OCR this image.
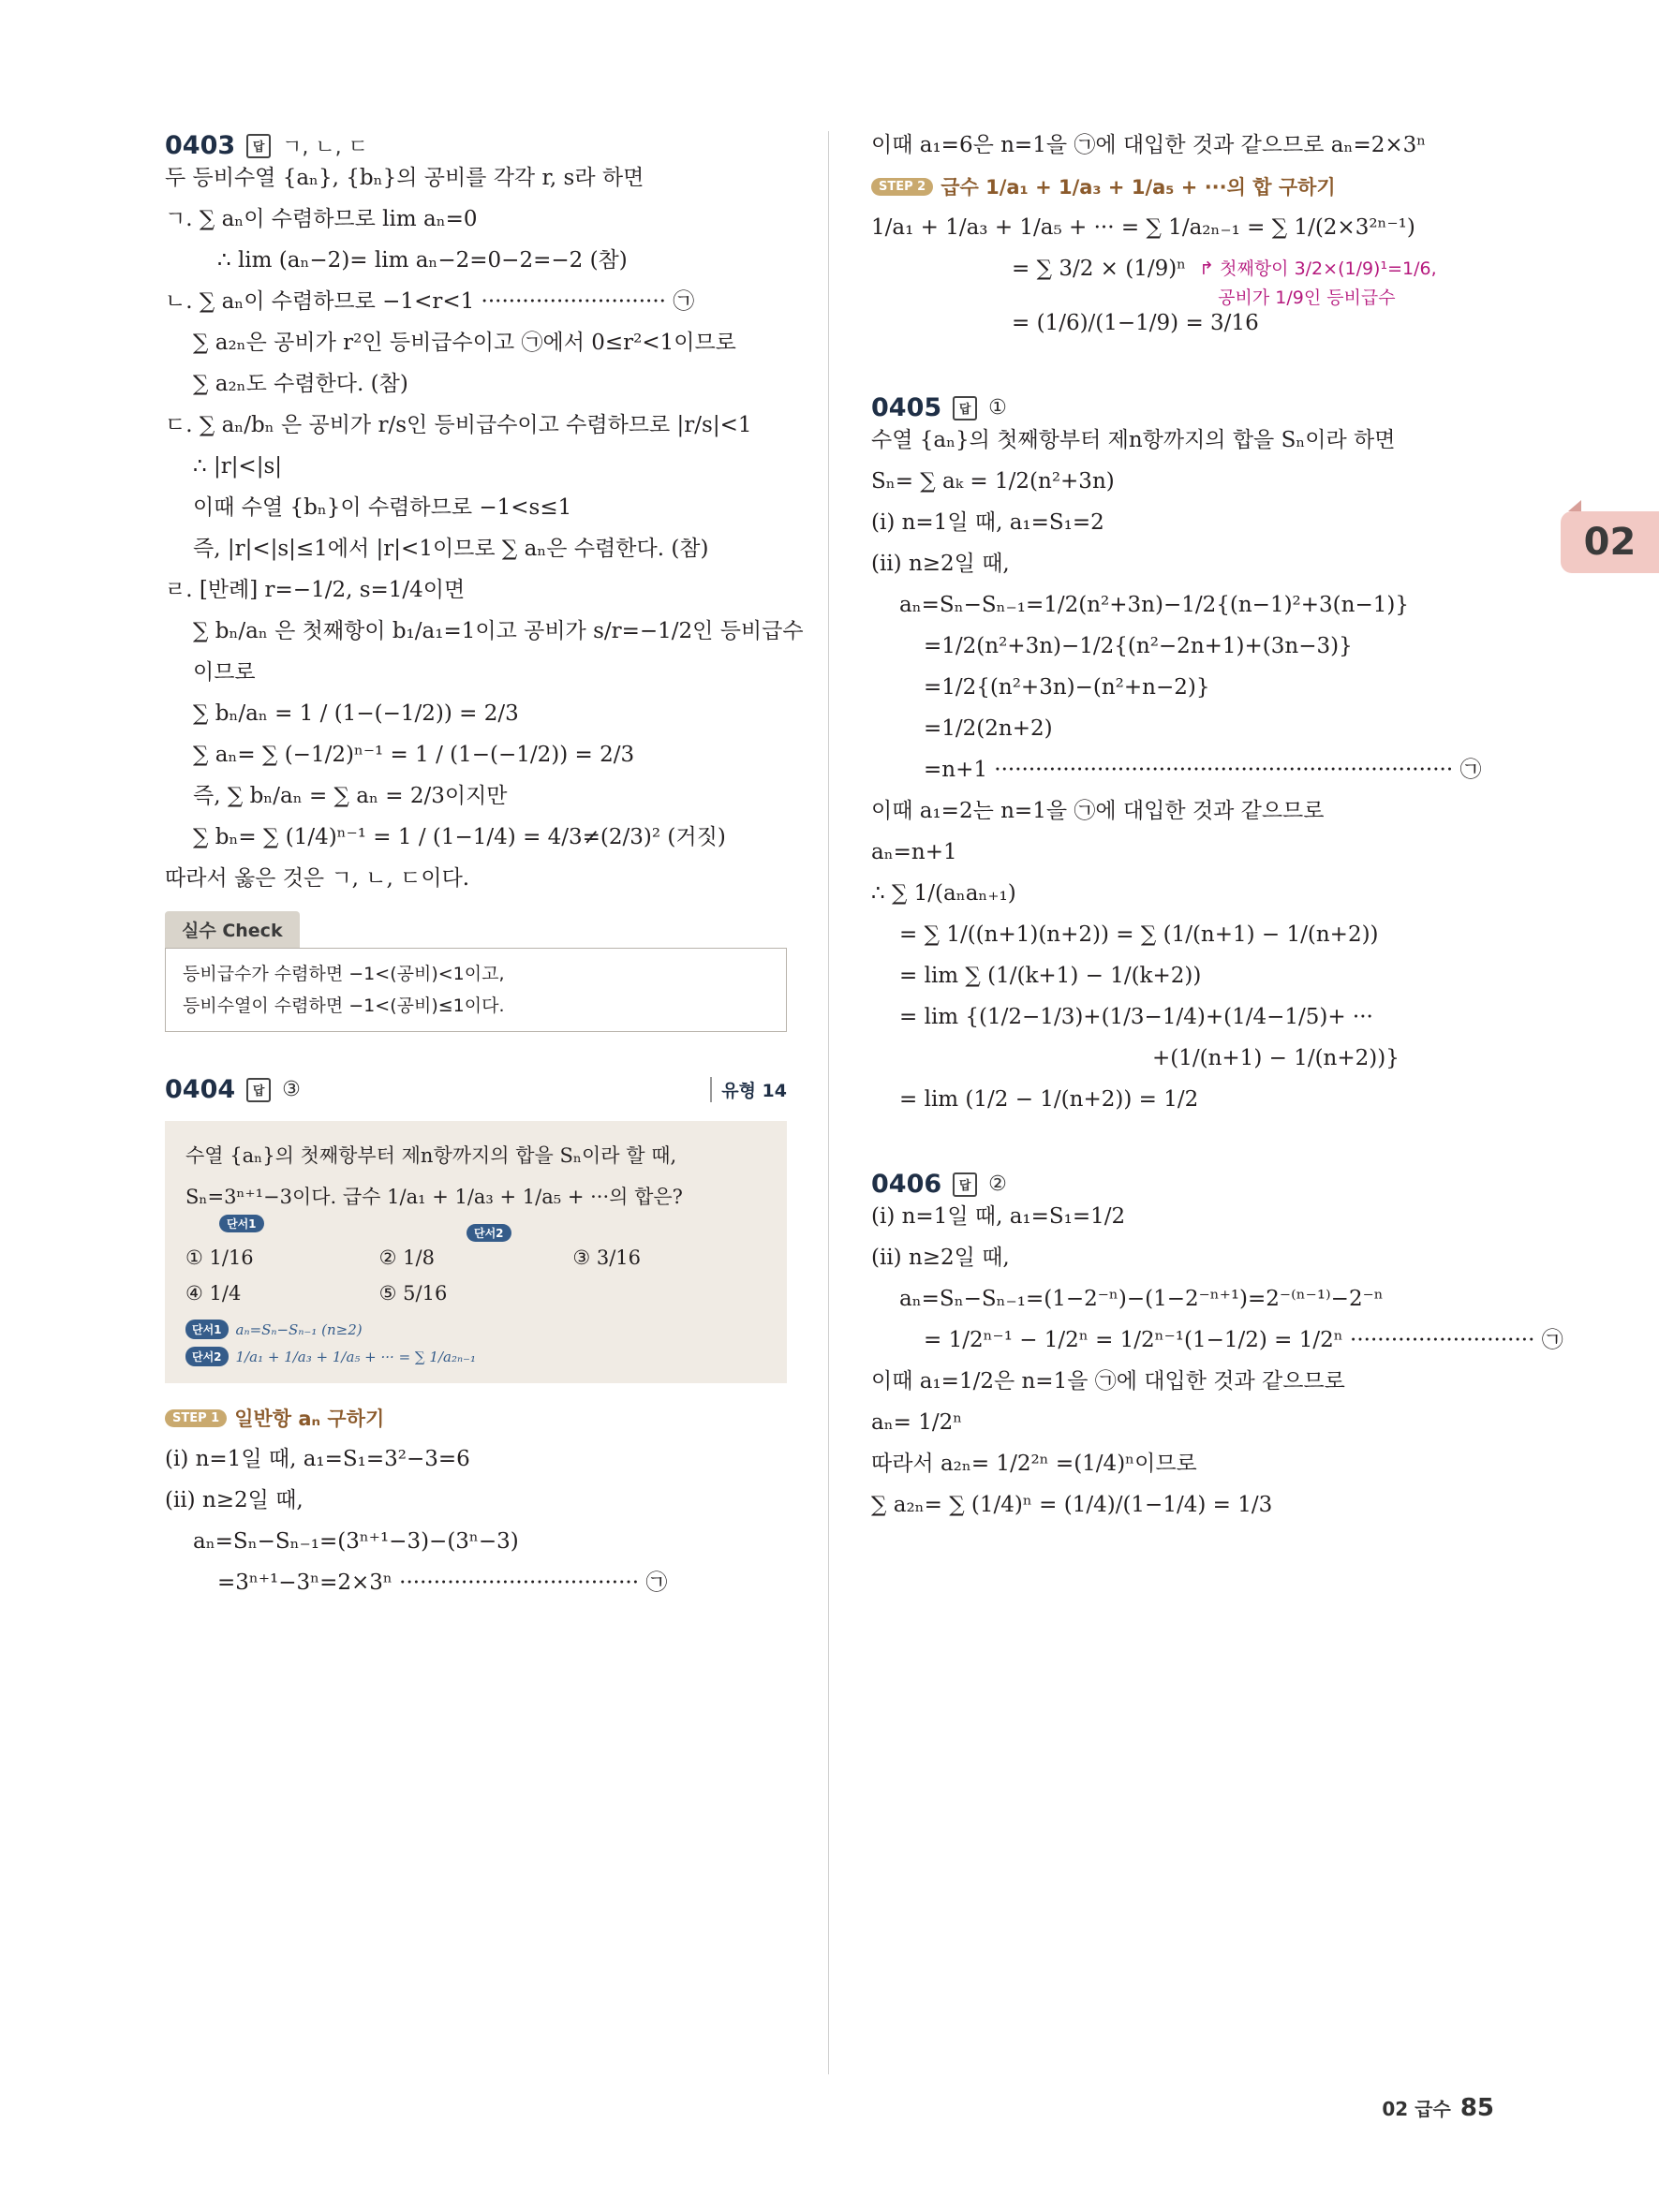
0403	답 ㄱ, ㄴ, ㄷ
두 등비수열 {aₙ}, {bₙ}의 공비를 각각 r, s라 하면
ㄱ. ∑ aₙ이 수렴하므로 lim aₙ=0
∴ lim (aₙ−2)= lim aₙ−2=0−2=−2 (참)
ㄴ. ∑ aₙ이 수렴하므로 −1<r<1 ··························· ㉠
∑ a₂ₙ은 공비가 r²인 등비급수이고 ㉠에서 0≤r²<1이므로
∑ a₂ₙ도 수렴한다. (참)
ㄷ. ∑ aₙ/bₙ 은 공비가 r/s인 등비급수이고 수렴하므로 |r/s|<1
∴ |r|<|s|
이때 수열 {bₙ}이 수렴하므로 −1<s≤1
즉, |r|<|s|≤1에서 |r|<1이므로 ∑ aₙ은 수렴한다. (참)
ㄹ. [반례] r=−1/2, s=1/4이면
∑ bₙ/aₙ 은 첫째항이 b₁/a₁=1이고 공비가 s/r=−1/2인 등비급수
이므로
∑ bₙ/aₙ = 1 / (1−(−1/2)) = 2/3
∑ aₙ= ∑ (−1/2)ⁿ⁻¹ = 1 / (1−(−1/2)) = 2/3
즉, ∑ bₙ/aₙ = ∑ aₙ = 2/3이지만
∑ bₙ= ∑ (1/4)ⁿ⁻¹ = 1 / (1−1/4) = 4/3≠(2/3)² (거짓)
따라서 옳은 것은 ㄱ, ㄴ, ㄷ이다.
실수 Check
등비급수가 수렴하면 −1<(공비)<1이고,
등비수열이 수렴하면 −1<(공비)≤1이다.
0404	답 ③	유형 14
수열 {aₙ}의 첫째항부터 제n항까지의 합을 Sₙ이라 할 때,
Sₙ=3ⁿ⁺¹−3이다. 급수 1/a₁ + 1/a₃ + 1/a₅ + ···의 합은?
단서1
단서2
① 1/16	② 1/8	③ 3/16
④ 1/4	⑤ 5/16
단서1	aₙ=Sₙ−Sₙ₋₁ (n≥2)
단서2	1/a₁ + 1/a₃ + 1/a₅ + ··· = ∑ 1/a₂ₙ₋₁
STEP 1 일반항 aₙ 구하기
(ⅰ) n=1일 때, a₁=S₁=3²−3=6
(ⅱ) n≥2일 때,
aₙ=Sₙ−Sₙ₋₁=(3ⁿ⁺¹−3)−(3ⁿ−3)
=3ⁿ⁺¹−3ⁿ=2×3ⁿ ··································· ㉠
이때 a₁=6은 n=1을 ㉠에 대입한 것과 같으므로 aₙ=2×3ⁿ
STEP 2 급수 1/a₁ + 1/a₃ + 1/a₅ + ···의 합 구하기
1/a₁ + 1/a₃ + 1/a₅ + ··· = ∑ 1/a₂ₙ₋₁ = ∑ 1/(2×3²ⁿ⁻¹)
= ∑ 3/2 × (1/9)ⁿ ↱ 첫째항이 3/2×(1/9)¹=1/6,
공비가 1/9인 등비급수
= (1/6)/(1−1/9) = 3/16
0405	답 ①
수열 {aₙ}의 첫째항부터 제n항까지의 합을 Sₙ이라 하면
Sₙ= ∑ aₖ = 1/2(n²+3n)
(ⅰ) n=1일 때, a₁=S₁=2
(ⅱ) n≥2일 때,
aₙ=Sₙ−Sₙ₋₁=1/2(n²+3n)−1/2{(n−1)²+3(n−1)}
=1/2(n²+3n)−1/2{(n²−2n+1)+(3n−3)}
=1/2{(n²+3n)−(n²+n−2)}
=1/2(2n+2)
=n+1 ··································································· ㉠
이때 a₁=2는 n=1을 ㉠에 대입한 것과 같으므로
aₙ=n+1
∴ ∑ 1/(aₙaₙ₊₁)
= ∑ 1/((n+1)(n+2)) = ∑ (1/(n+1) − 1/(n+2))
= lim ∑ (1/(k+1) − 1/(k+2))
= lim {(1/2−1/3)+(1/3−1/4)+(1/4−1/5)+ ···
+(1/(n+1) − 1/(n+2))}
= lim (1/2 − 1/(n+2)) = 1/2
0406	답 ②
(ⅰ) n=1일 때, a₁=S₁=1/2
(ⅱ) n≥2일 때,
aₙ=Sₙ−Sₙ₋₁=(1−2⁻ⁿ)−(1−2⁻ⁿ⁺¹)=2⁻⁽ⁿ⁻¹⁾−2⁻ⁿ
= 1/2ⁿ⁻¹ − 1/2ⁿ = 1/2ⁿ⁻¹(1−1/2) = 1/2ⁿ ··························· ㉠
이때 a₁=1/2은 n=1을 ㉠에 대입한 것과 같으므로
aₙ= 1/2ⁿ
따라서 a₂ₙ= 1/2²ⁿ =(1/4)ⁿ이므로
∑ a₂ₙ= ∑ (1/4)ⁿ = (1/4)/(1−1/4) = 1/3
02
02 급수 85
